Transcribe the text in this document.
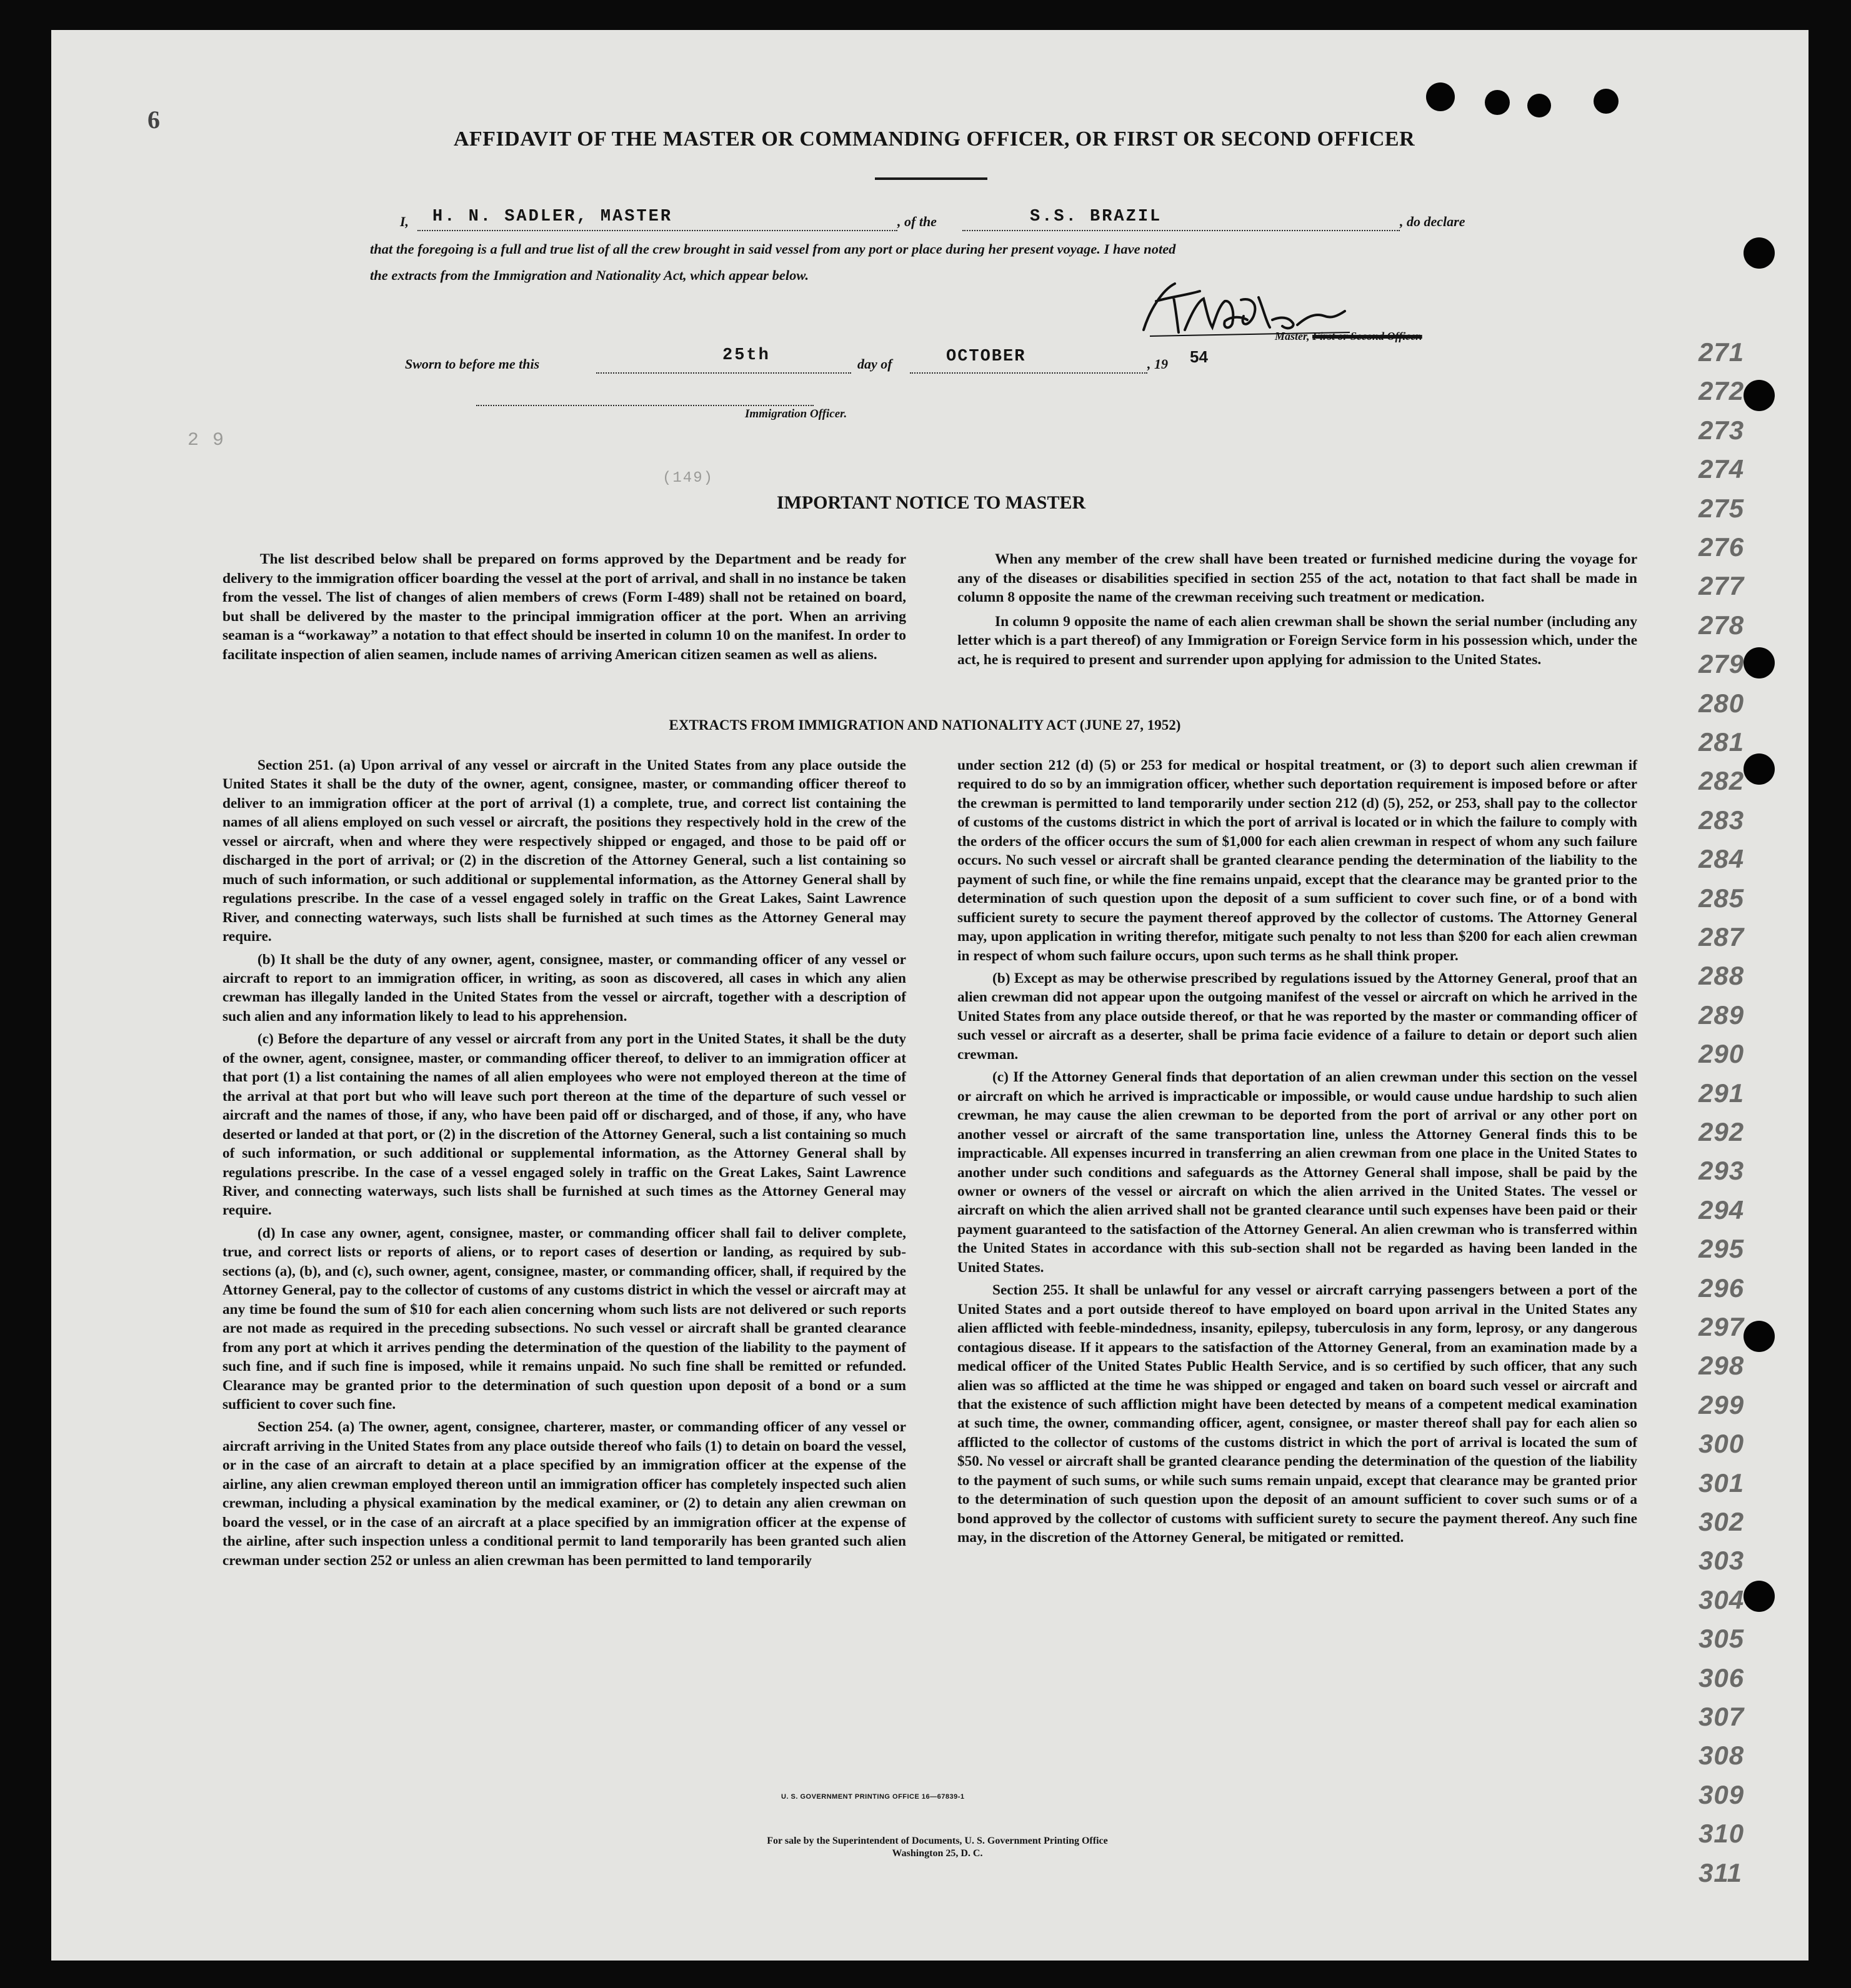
(149)
2 9
271
272
273
274
275
276
277
278
279
280
281
282
283
284
285
287
288
289
290
291
292
293
294
295
296
297
298
299
300
301
302
303
304
305
306
307
308
309
310
311
6
AFFIDAVIT OF THE MASTER OR COMMANDING OFFICER, OR FIRST OR SECOND OFFICER
I, H. N. SADLER, MASTER	, of the	S.S. BRAZIL	, do declare
that the foregoing is a full and true list of all the crew brought in said vessel from any port or place during her present voyage. I have noted
the extracts from the Immigration and Nationality Act, which appear below.
Master, First or Second Officer.
Sworn to before me this	25th	day of	OCTOBER	, 19 54
Immigration Officer.
IMPORTANT NOTICE TO MASTER

The list described below shall be prepared on forms approved by the Department and be ready for delivery to the immigration officer boarding the vessel at the port of arrival, and shall in no instance be taken from the vessel. The list of changes of alien members of crews (Form I-489) shall not be retained on board, but shall be delivered by the master to the principal immigration officer at the port. When an arriving seaman is a “workaway” a notation to that effect should be inserted in column 10 on the manifest. In order to facilitate inspection of alien seamen, include names of arriving American citizen seamen as well as aliens.

When any member of the crew shall have been treated or furnished medicine during the voyage for any of the diseases or disabilities specified in section 255 of the act, notation to that fact shall be made in column 8 opposite the name of the crewman receiving such treatment or medication.

In column 9 opposite the name of each alien crewman shall be shown the serial number (including any letter which is a part thereof) of any Immigration or Foreign Service form in his possession which, under the act, he is required to present and surrender upon applying for admission to the United States.

EXTRACTS FROM IMMIGRATION AND NATIONALITY ACT (JUNE 27, 1952)

Section 251. (a) Upon arrival of any vessel or aircraft in the United States from any place outside the United States it shall be the duty of the owner, agent, consignee, master, or commanding officer thereof to deliver to an immigration officer at the port of arrival (1) a complete, true, and correct list containing the names of all aliens employed on such vessel or aircraft, the positions they respectively hold in the crew of the vessel or aircraft, when and where they were respectively shipped or engaged, and those to be paid off or discharged in the port of arrival; or (2) in the discretion of the Attorney General, such a list containing so much of such information, or such additional or supplemental information, as the Attorney General shall by regulations prescribe. In the case of a vessel engaged solely in traffic on the Great Lakes, Saint Lawrence River, and connecting waterways, such lists shall be furnished at such times as the Attorney General may require.

(b) It shall be the duty of any owner, agent, consignee, master, or commanding officer of any vessel or aircraft to report to an immigration officer, in writing, as soon as discovered, all cases in which any alien crewman has illegally landed in the United States from the vessel or aircraft, together with a description of such alien and any information likely to lead to his apprehension.

(c) Before the departure of any vessel or aircraft from any port in the United States, it shall be the duty of the owner, agent, consignee, master, or commanding officer thereof, to deliver to an immigration officer at that port (1) a list containing the names of all alien employees who were not employed thereon at the time of the arrival at that port but who will leave such port thereon at the time of the departure of such vessel or aircraft and the names of those, if any, who have been paid off or discharged, and of those, if any, who have deserted or landed at that port, or (2) in the discretion of the Attorney General, such a list containing so much of such information, or such additional or supplemental information, as the Attorney General shall by regulations prescribe. In the case of a vessel engaged solely in traffic on the Great Lakes, Saint Lawrence River, and connecting waterways, such lists shall be furnished at such times as the Attorney General may require.

(d) In case any owner, agent, consignee, master, or commanding officer shall fail to deliver complete, true, and correct lists or reports of aliens, or to report cases of desertion or landing, as required by sub-sections (a), (b), and (c), such owner, agent, consignee, master, or commanding officer, shall, if required by the Attorney General, pay to the collector of customs of any customs district in which the vessel or aircraft may at any time be found the sum of $10 for each alien concerning whom such lists are not delivered or such reports are not made as required in the preceding subsections. No such vessel or aircraft shall be granted clearance from any port at which it arrives pending the determination of the question of the liability to the payment of such fine, and if such fine is imposed, while it remains unpaid. No such fine shall be remitted or refunded. Clearance may be granted prior to the determination of such question upon deposit of a bond or a sum sufficient to cover such fine.

Section 254. (a) The owner, agent, consignee, charterer, master, or commanding officer of any vessel or aircraft arriving in the United States from any place outside thereof who fails (1) to detain on board the vessel, or in the case of an aircraft to detain at a place specified by an immigration officer at the expense of the airline, any alien crewman employed thereon until an immigration officer has completely inspected such alien crewman, including a physical examination by the medical examiner, or (2) to detain any alien crewman on board the vessel, or in the case of an aircraft at a place specified by an immigration officer at the expense of the airline, after such inspection unless a conditional permit to land temporarily has been granted such alien crewman under section 252 or unless an alien crewman has been permitted to land temporarily

under section 212 (d) (5) or 253 for medical or hospital treatment, or (3) to deport such alien crewman if required to do so by an immigration officer, whether such deportation requirement is imposed before or after the crewman is permitted to land temporarily under section 212 (d) (5), 252, or 253, shall pay to the collector of customs of the customs district in which the port of arrival is located or in which the failure to comply with the orders of the officer occurs the sum of $1,000 for each alien crewman in respect of whom any such failure occurs. No such vessel or aircraft shall be granted clearance pending the determination of the liability to the payment of such fine, or while the fine remains unpaid, except that the clearance may be granted prior to the determination of such question upon the deposit of a sum sufficient to cover such fine, or of a bond with sufficient surety to secure the payment thereof approved by the collector of customs. The Attorney General may, upon application in writing therefor, mitigate such penalty to not less than $200 for each alien crewman in respect of whom such failure occurs, upon such terms as he shall think proper.

(b) Except as may be otherwise prescribed by regulations issued by the Attorney General, proof that an alien crewman did not appear upon the outgoing manifest of the vessel or aircraft on which he arrived in the United States from any place outside thereof, or that he was reported by the master or commanding officer of such vessel or aircraft as a deserter, shall be prima facie evidence of a failure to detain or deport such alien crewman.

(c) If the Attorney General finds that deportation of an alien crewman under this section on the vessel or aircraft on which he arrived is impracticable or impossible, or would cause undue hardship to such alien crewman, he may cause the alien crewman to be deported from the port of arrival or any other port on another vessel or aircraft of the same transportation line, unless the Attorney General finds this to be impracticable. All expenses incurred in transferring an alien crewman from one place in the United States to another under such conditions and safeguards as the Attorney General shall impose, shall be paid by the owner or owners of the vessel or aircraft on which the alien arrived in the United States. The vessel or aircraft on which the alien arrived shall not be granted clearance until such expenses have been paid or their payment guaranteed to the satisfaction of the Attorney General. An alien crewman who is transferred within the United States in accordance with this sub-section shall not be regarded as having been landed in the United States.

Section 255. It shall be unlawful for any vessel or aircraft carrying passengers between a port of the United States and a port outside thereof to have employed on board upon arrival in the United States any alien afflicted with feeble-mindedness, insanity, epilepsy, tuberculosis in any form, leprosy, or any dangerous contagious disease. If it appears to the satisfaction of the Attorney General, from an examination made by a medical officer of the United States Public Health Service, and is so certified by such officer, that any such alien was so afflicted at the time he was shipped or engaged and taken on board such vessel or aircraft and that the existence of such affliction might have been detected by means of a competent medical examination at such time, the owner, commanding officer, agent, consignee, or master thereof shall pay for each alien so afflicted to the collector of customs of the customs district in which the port of arrival is located the sum of $50. No vessel or aircraft shall be granted clearance pending the determination of the question of the liability to the payment of such sums, or while such sums remain unpaid, except that clearance may be granted prior to the determination of such question upon the deposit of an amount sufficient to cover such sums or of a bond approved by the collector of customs with sufficient surety to secure the payment thereof. Any such fine may, in the discretion of the Attorney General, be mitigated or remitted.

U. S. GOVERNMENT PRINTING OFFICE 16—67839-1
For sale by the Superintendent of Documents, U. S. Government Printing Office
Washington 25, D. C.
